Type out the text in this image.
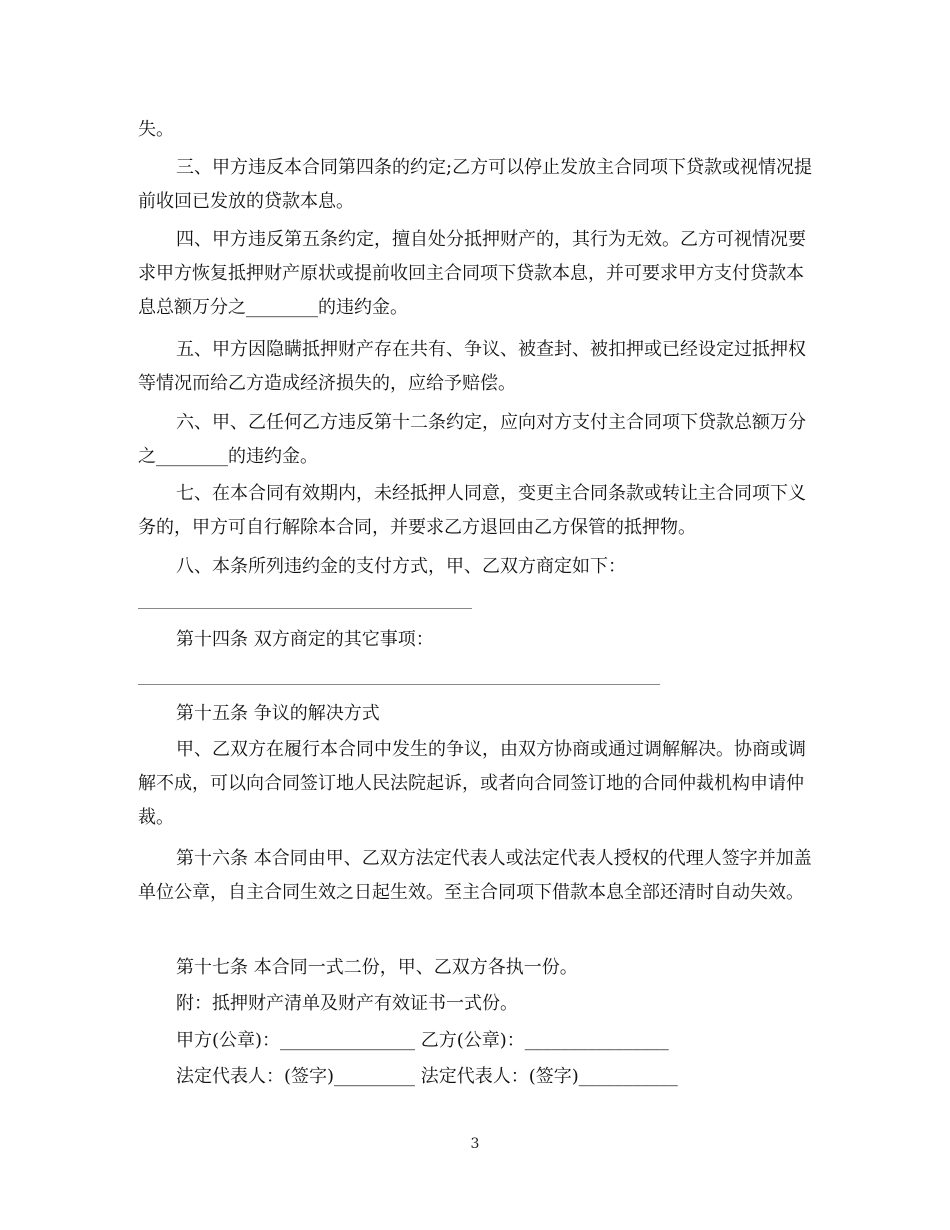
失。

三、甲方违反本合同第四条的约定;乙方可以停止发放主合同项下贷款或视情况提前收回已发放的贷款本息。

四、甲方违反第五条约定，擅自处分抵押财产的，其行为无效。乙方可视情况要求甲方恢复抵押财产原状或提前收回主合同项下贷款本息，并可要求甲方支付贷款本息总额万分之________的违约金。

五、甲方因隐瞒抵押财产存在共有、争议、被查封、被扣押或已经设定过抵押权等情况而给乙方造成经济损失的，应给予赔偿。

六、甲、乙任何乙方违反第十二条约定，应向对方支付主合同项下贷款总额万分之________的违约金。

七、在本合同有效期内，未经抵押人同意，变更主合同条款或转让主合同项下义务的，甲方可自行解除本合同，并要求乙方退回由乙方保管的抵押物。

八、本条所列违约金的支付方式，甲、乙双方商定如下：

第十四条 双方商定的其它事项：

第十五条 争议的解决方式

甲、乙双方在履行本合同中发生的争议，由双方协商或通过调解解决。协商或调解不成，可以向合同签订地人民法院起诉，或者向合同签订地的合同仲裁机构申请仲裁。

第十六条 本合同由甲、乙双方法定代表人或法定代表人授权的代理人签字并加盖单位公章，自主合同生效之日起生效。至主合同项下借款本息全部还清时自动失效。

第十七条 本合同一式二份，甲、乙双方各执一份。

附：抵押财产清单及财产有效证书一式份。

甲方(公章)：_______________ 乙方(公章)：________________
法定代表人：(签字)_________ 法定代表人：(签字)___________
3
